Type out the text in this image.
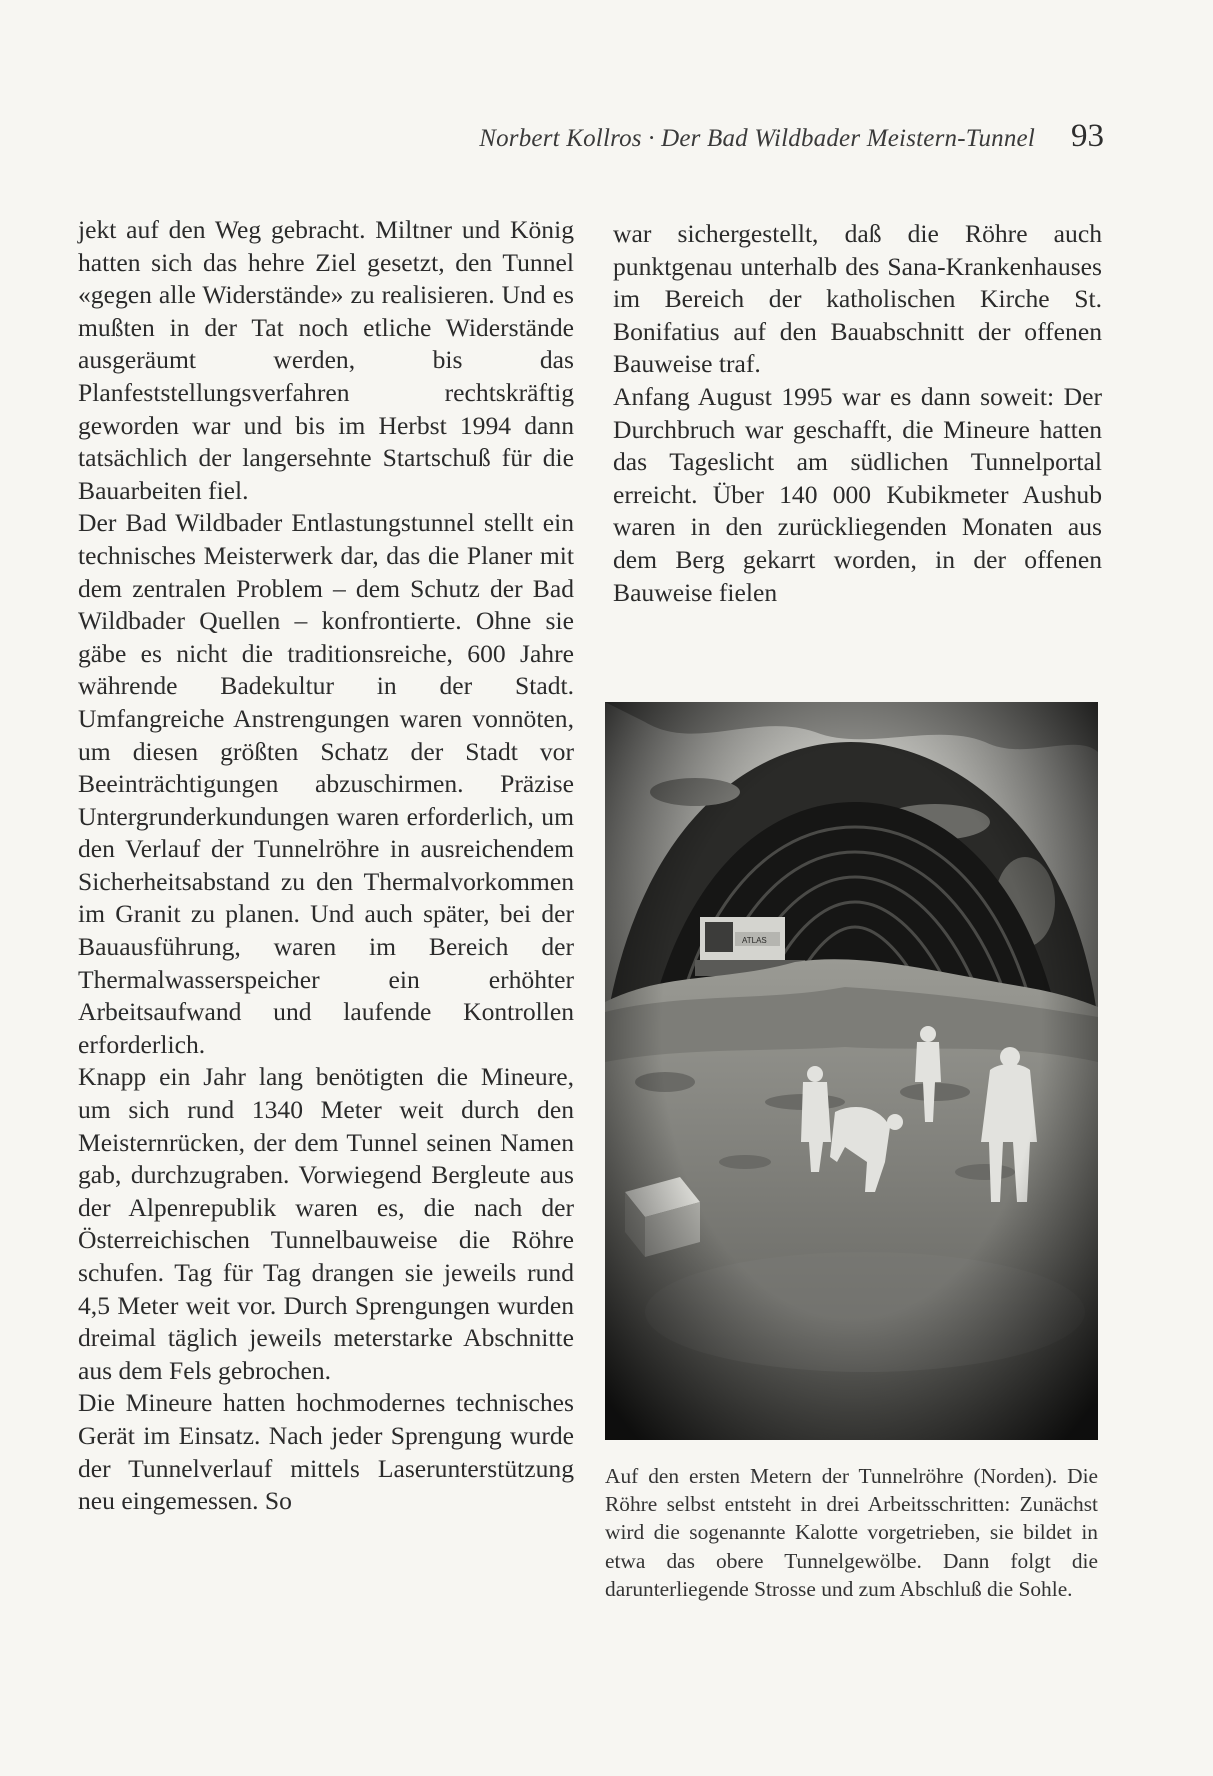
Norbert Kollros · Der Bad Wildbader Meistern-Tunnel 93

jekt auf den Weg gebracht. Miltner und König hatten sich das hehre Ziel gesetzt, den Tunnel «gegen alle Widerstände» zu realisieren. Und es mußten in der Tat noch etliche Widerstände ausgeräumt werden, bis das Planfeststellungsverfahren rechtskräftig geworden war und bis im Herbst 1994 dann tatsächlich der langersehnte Startschuß für die Bauarbeiten fiel.

Der Bad Wildbader Entlastungstunnel stellt ein technisches Meisterwerk dar, das die Planer mit dem zentralen Problem – dem Schutz der Bad Wildbader Quellen – konfrontierte. Ohne sie gäbe es nicht die traditionsreiche, 600 Jahre währende Badekultur in der Stadt. Umfangreiche Anstrengungen waren vonnöten, um diesen größten Schatz der Stadt vor Beeinträchtigungen abzuschirmen. Präzise Untergrunderkundungen waren erforderlich, um den Verlauf der Tunnelröhre in ausreichendem Sicherheitsabstand zu den Thermalvorkommen im Granit zu planen. Und auch später, bei der Bauausführung, waren im Bereich der Thermalwasserspeicher ein erhöhter Arbeitsaufwand und laufende Kontrollen erforderlich.

Knapp ein Jahr lang benötigten die Mineure, um sich rund 1340 Meter weit durch den Meisternrücken, der dem Tunnel seinen Namen gab, durchzugraben. Vorwiegend Bergleute aus der Alpenrepublik waren es, die nach der Österreichischen Tunnelbauweise die Röhre schufen. Tag für Tag drangen sie jeweils rund 4,5 Meter weit vor. Durch Sprengungen wurden dreimal täglich jeweils meterstarke Abschnitte aus dem Fels gebrochen.

Die Mineure hatten hochmodernes technisches Gerät im Einsatz. Nach jeder Sprengung wurde der Tunnelverlauf mittels Laserunterstützung neu eingemessen. So

war sichergestellt, daß die Röhre auch punktgenau unterhalb des Sana-Krankenhauses im Bereich der katholischen Kirche St. Bonifatius auf den Bauabschnitt der offenen Bauweise traf.

Anfang August 1995 war es dann soweit: Der Durchbruch war geschafft, die Mineure hatten das Tageslicht am südlichen Tunnelportal erreicht. Über 140 000 Kubikmeter Aushub waren in den zurückliegenden Monaten aus dem Berg gekarrt worden, in der offenen Bauweise fielen

Auf den ersten Metern der Tunnelröhre (Norden). Die Röhre selbst entsteht in drei Arbeitsschritten: Zunächst wird die sogenannte Kalotte vorgetrieben, sie bildet in etwa das obere Tunnelgewölbe. Dann folgt die darunterliegende Strosse und zum Abschluß die Sohle.
